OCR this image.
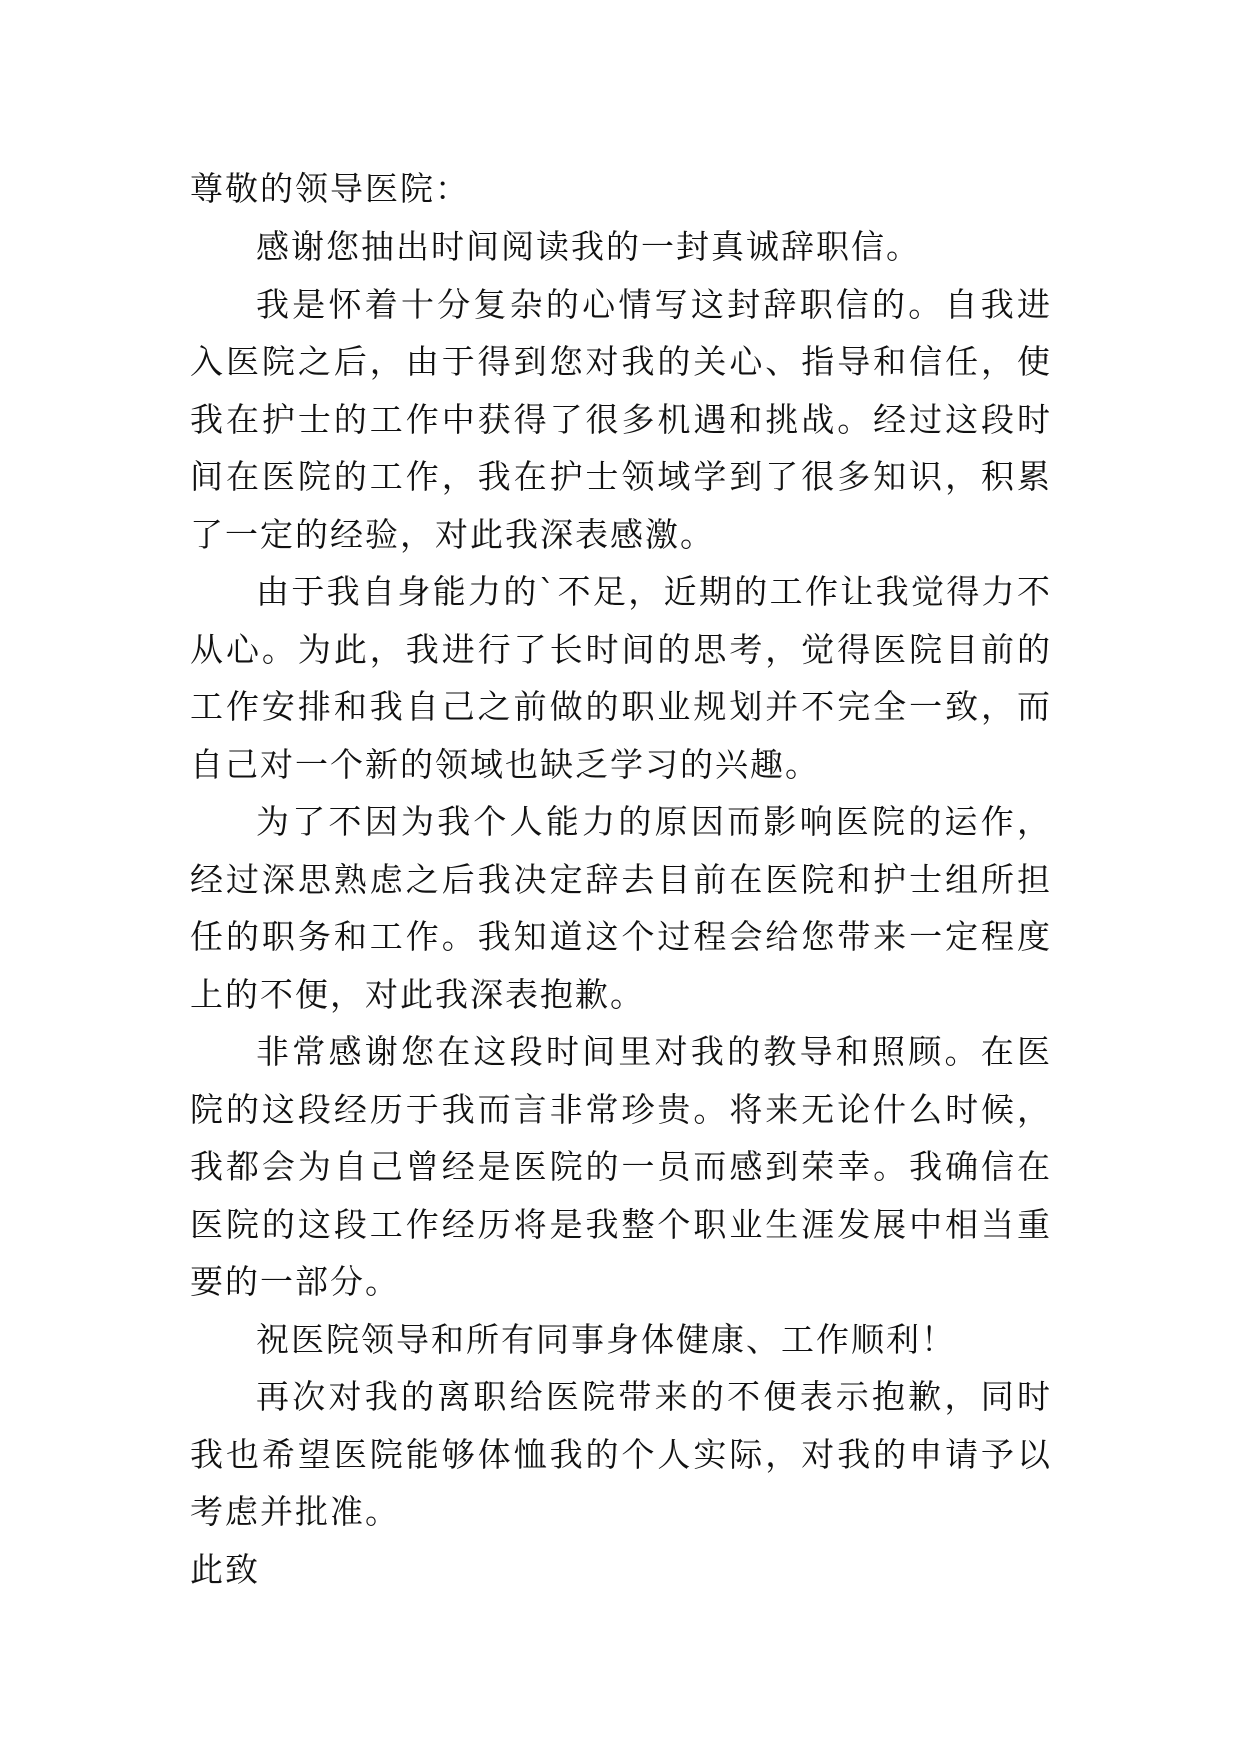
尊敬的领导医院：

感谢您抽出时间阅读我的一封真诚辞职信。

我是怀着十分复杂的心情写这封辞职信的。自我进入医院之后，由于得到您对我的关心、指导和信任，使我在护士的工作中获得了很多机遇和挑战。经过这段时间在医院的工作，我在护士领域学到了很多知识，积累了一定的经验，对此我深表感激。

由于我自身能力的`不足，近期的工作让我觉得力不从心。为此，我进行了长时间的思考，觉得医院目前的工作安排和我自己之前做的职业规划并不完全一致，而自己对一个新的领域也缺乏学习的兴趣。

为了不因为我个人能力的原因而影响医院的运作，经过深思熟虑之后我决定辞去目前在医院和护士组所担任的职务和工作。我知道这个过程会给您带来一定程度上的不便，对此我深表抱歉。

非常感谢您在这段时间里对我的教导和照顾。在医院的这段经历于我而言非常珍贵。将来无论什么时候，我都会为自己曾经是医院的一员而感到荣幸。我确信在医院的这段工作经历将是我整个职业生涯发展中相当重要的一部分。

祝医院领导和所有同事身体健康、工作顺利！

再次对我的离职给医院带来的不便表示抱歉，同时我也希望医院能够体恤我的个人实际，对我的申请予以考虑并批准。

此致
